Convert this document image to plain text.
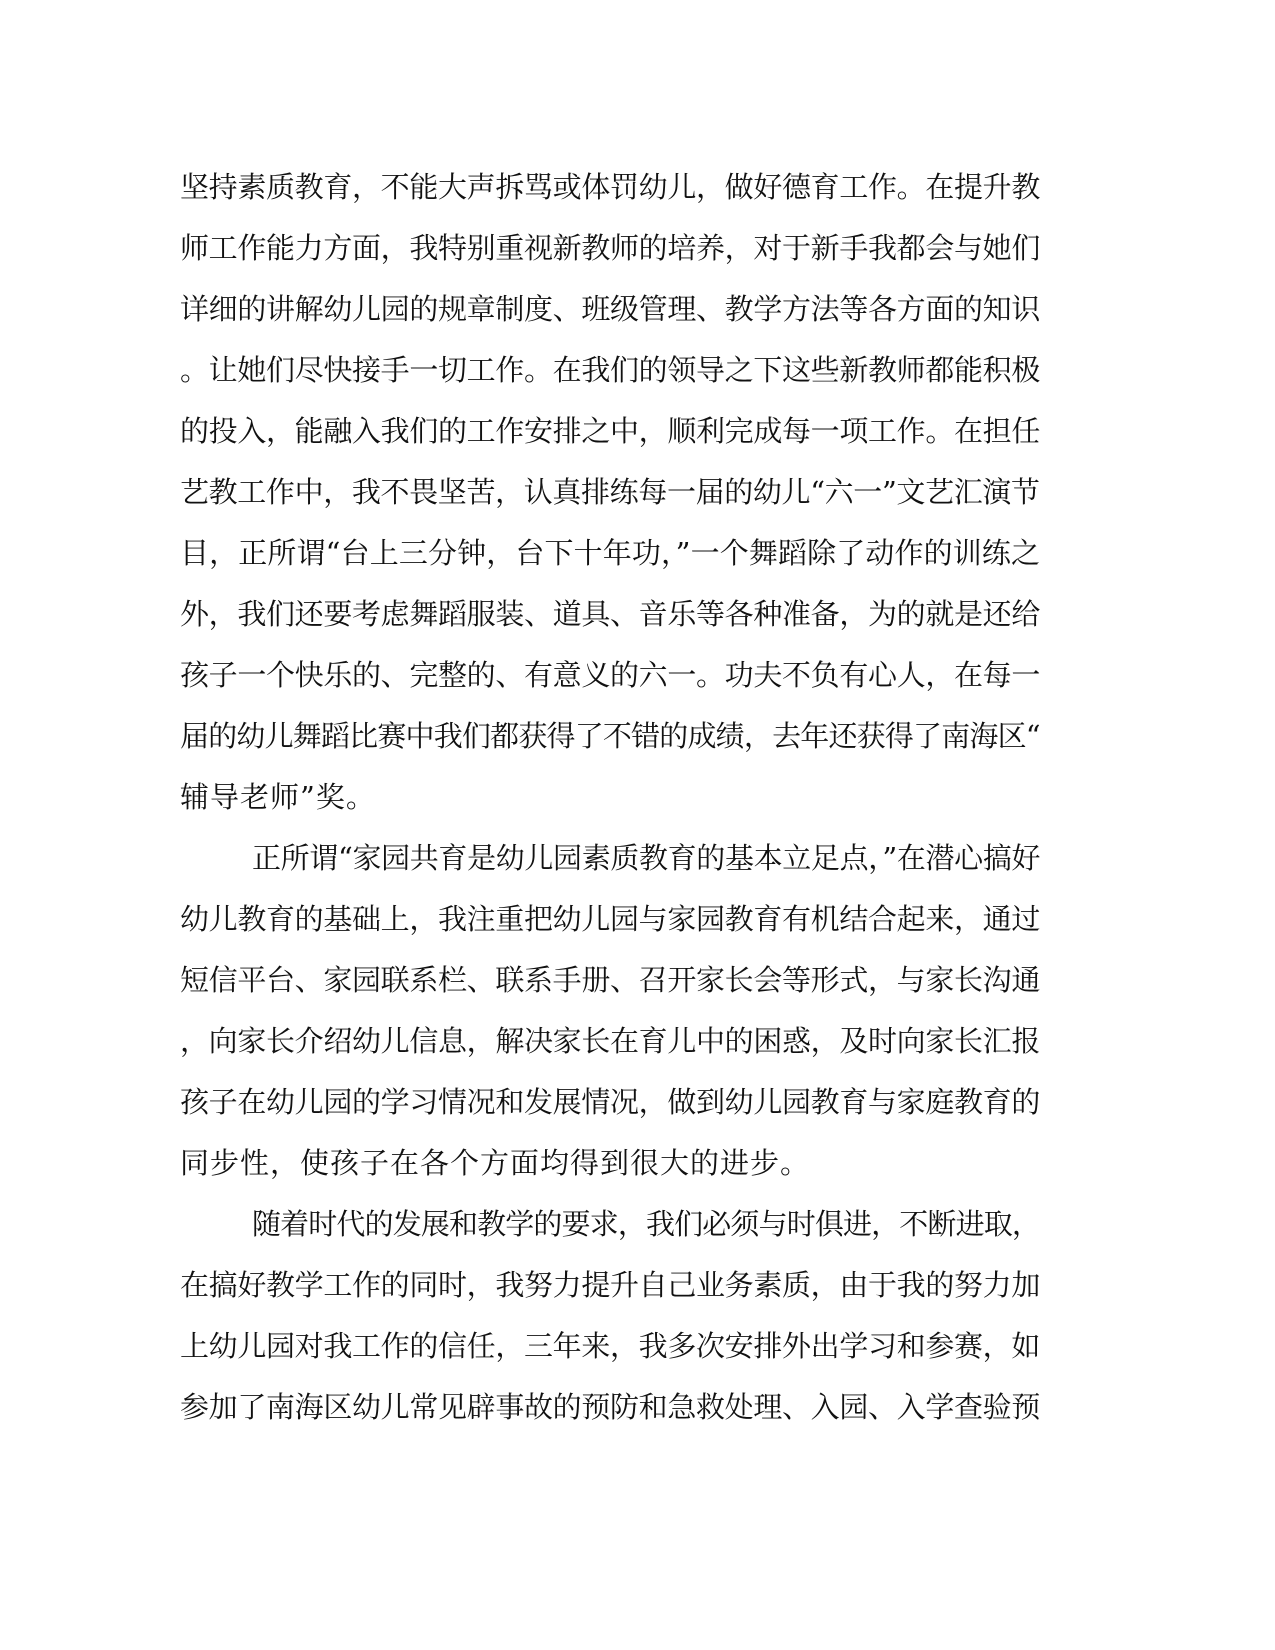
坚持素质教育，不能大声拆骂或体罚幼儿，做好德育工作。在提升教
师工作能力方面，我特别重视新教师的培养，对于新手我都会与她们
详细的讲解幼儿园的规章制度、班级管理、教学方法等各方面的知识
。让她们尽快接手一切工作。在我们的领导之下这些新教师都能积极
的投入，能融入我们的工作安排之中，顺利完成每一项工作。在担任
艺教工作中，我不畏坚苦，认真排练每一届的幼儿“六一”文艺汇演节
目，正所谓“台上三分钟，台下十年功，”一个舞蹈除了动作的训练之
外，我们还要考虑舞蹈服装、道具、音乐等各种准备，为的就是还给
孩子一个快乐的、完整的、有意义的六一。功夫不负有心人，在每一
届的幼儿舞蹈比赛中我们都获得了不错的成绩，去年还获得了南海区“
辅导老师”奖。
正所谓“家园共育是幼儿园素质教育的基本立足点，”在潜心搞好
幼儿教育的基础上，我注重把幼儿园与家园教育有机结合起来，通过
短信平台、家园联系栏、联系手册、召开家长会等形式，与家长沟通
，向家长介绍幼儿信息，解决家长在育儿中的困惑，及时向家长汇报
孩子在幼儿园的学习情况和发展情况，做到幼儿园教育与家庭教育的
同步性，使孩子在各个方面均得到很大的进步。
随着时代的发展和教学的要求，我们必须与时俱进，不断进取，
在搞好教学工作的同时，我努力提升自己业务素质，由于我的努力加
上幼儿园对我工作的信任，三年来，我多次安排外出学习和参赛，如
参加了南海区幼儿常见辟事故的预防和急救处理、入园、入学查验预
